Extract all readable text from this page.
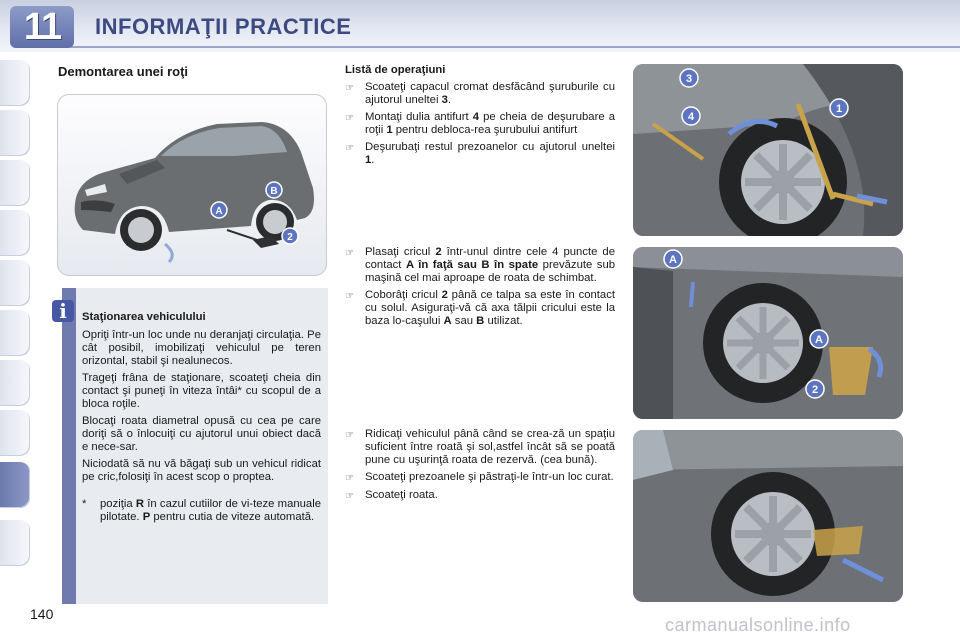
11	INFORMAŢII PRACTICE
Demontarea unei roţi
A
B
2
i	Staţionarea vehiculului

Opriţi într-un loc unde nu deranjaţi circulaţia. Pe cât posibil, imobilizaţi vehiculul pe teren orizontal, stabil şi nealunecos.

Trageţi frâna de staţionare, scoateţi cheia din contact şi puneţi în viteza întâi* cu scopul de a bloca roţile.

Blocaţi roata diametral opusă cu cea pe care doriţi să o înlocuiţi cu ajutorul unui obiect dacă e nece-sar.

Niciodată să nu vă băgaţi sub un vehicul ridicat pe cric,folosiţi în acest scop o proptea.

*	poziţia R în cazul cutiilor de vi-teze manuale pilotate. P pentru cutia de viteze automată.
Listă de operaţiuni
☞ Scoateţi capacul cromat desfăcând şuruburile cu ajutorul uneltei 3.
☞ Montaţi dulia antifurt 4 pe cheia de deşurubare a roţii 1 pentru debloca-rea şurubului antifurt
☞ Deşurubaţi restul prezoanelor cu ajutorul uneltei 1.
☞ Plasaţi cricul 2 într-unul dintre cele 4 puncte de contact A în faţă sau B în spate prevăzute sub maşină cel mai aproape de roata de schimbat.
☞ Coborâţi cricul 2 până ce talpa sa este în contact cu solul. Asiguraţi-vă că axa tălpii cricului este la baza lo-caşului A sau B utilizat.
☞ Ridicaţi vehiculul până când se crea-ză un spaţiu suficient între roată şi sol,astfel încât să se poată pune cu uşurinţă roata de rezervă. (cea bună).
☞ Scoateţi prezoanele şi păstraţi-le într-un loc curat.
☞ Scoateţi roata.
3
4
1
A
A
2
140
carmanualsonline.info
